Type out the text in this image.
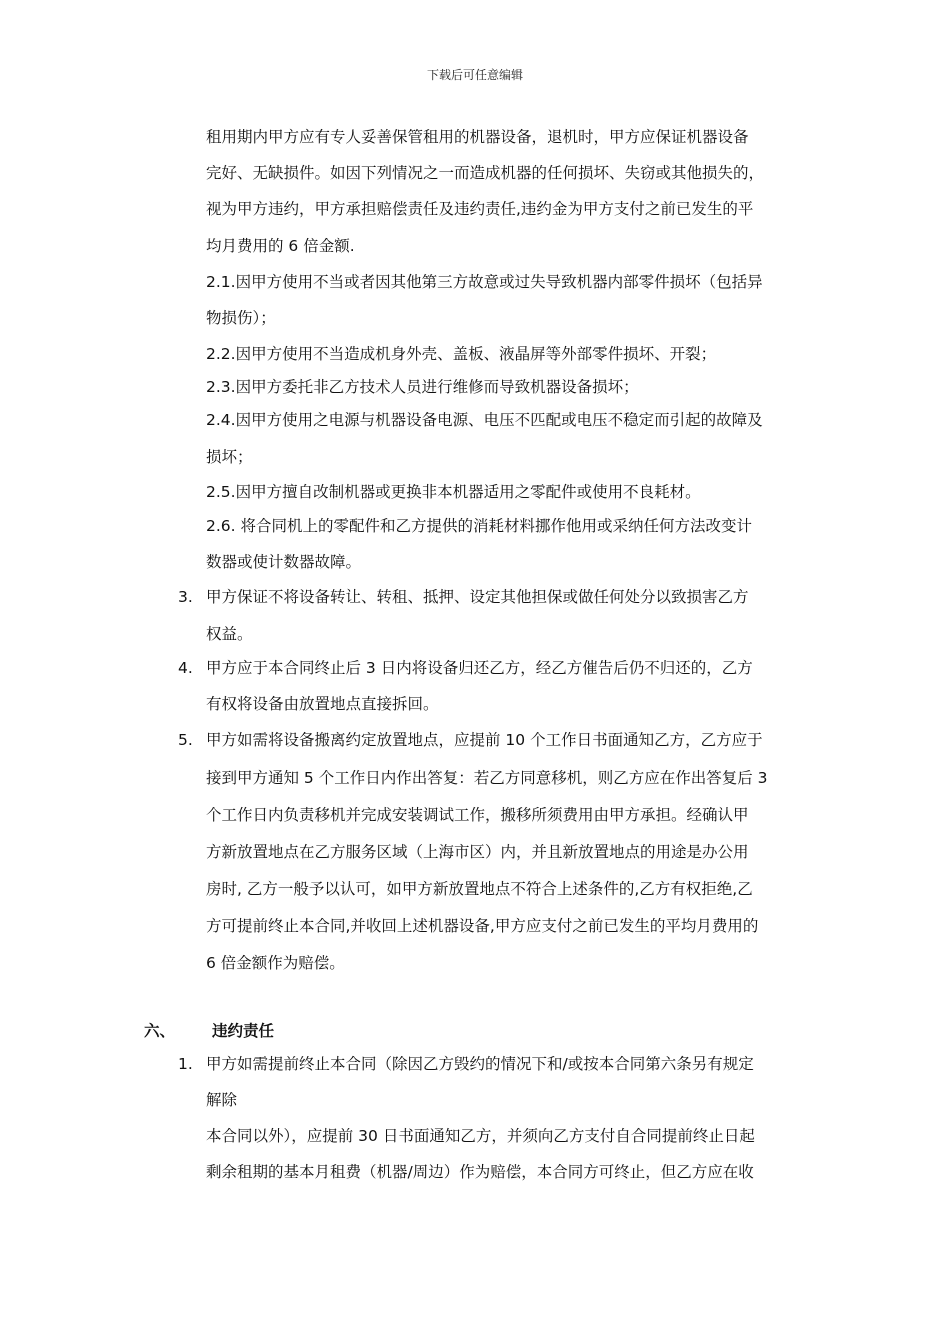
下载后可任意编辑
租用期内甲方应有专人妥善保管租用的机器设备，退机时，甲方应保证机器设备
完好、无缺损件。如因下列情况之一而造成机器的任何损坏、失窃或其他损失的，
视为甲方违约，甲方承担赔偿责任及违约责任,违约金为甲方支付之前已发生的平
均月费用的 6 倍金额.
2.1.因甲方使用不当或者因其他第三方故意或过失导致机器内部零件损坏（包括异
物损伤）；
2.2.因甲方使用不当造成机身外壳、盖板、液晶屏等外部零件损坏、开裂；
2.3.因甲方委托非乙方技术人员进行维修而导致机器设备损坏；
2.4.因甲方使用之电源与机器设备电源、电压不匹配或电压不稳定而引起的故障及
损坏；
2.5.因甲方擅自改制机器或更换非本机器适用之零配件或使用不良耗材。
2.6. 将合同机上的零配件和乙方提供的消耗材料挪作他用或采纳任何方法改变计
数器或使计数器故障。
3. 甲方保证不将设备转让、转租、抵押、设定其他担保或做任何处分以致损害乙方
权益。
4. 甲方应于本合同终止后 3 日内将设备归还乙方，经乙方催告后仍不归还的，乙方
有权将设备由放置地点直接拆回。
5. 甲方如需将设备搬离约定放置地点，应提前 10 个工作日书面通知乙方，乙方应于
接到甲方通知 5 个工作日内作出答复：若乙方同意移机，则乙方应在作出答复后 3
个工作日内负责移机并完成安装调试工作，搬移所须费用由甲方承担。经确认甲
方新放置地点在乙方服务区域（上海市区）内，并且新放置地点的用途是办公用
房时, 乙方一般予以认可，如甲方新放置地点不符合上述条件的,乙方有权拒绝,乙
方可提前终止本合同,并收回上述机器设备,甲方应支付之前已发生的平均月费用的
6 倍金额作为赔偿。
六、 违约责任
1. 甲方如需提前终止本合同（除因乙方毁约的情况下和/或按本合同第六条另有规定
解除
本合同以外），应提前 30 日书面通知乙方，并须向乙方支付自合同提前终止日起
剩余租期的基本月租费（机器/周边）作为赔偿，本合同方可终止，但乙方应在收
